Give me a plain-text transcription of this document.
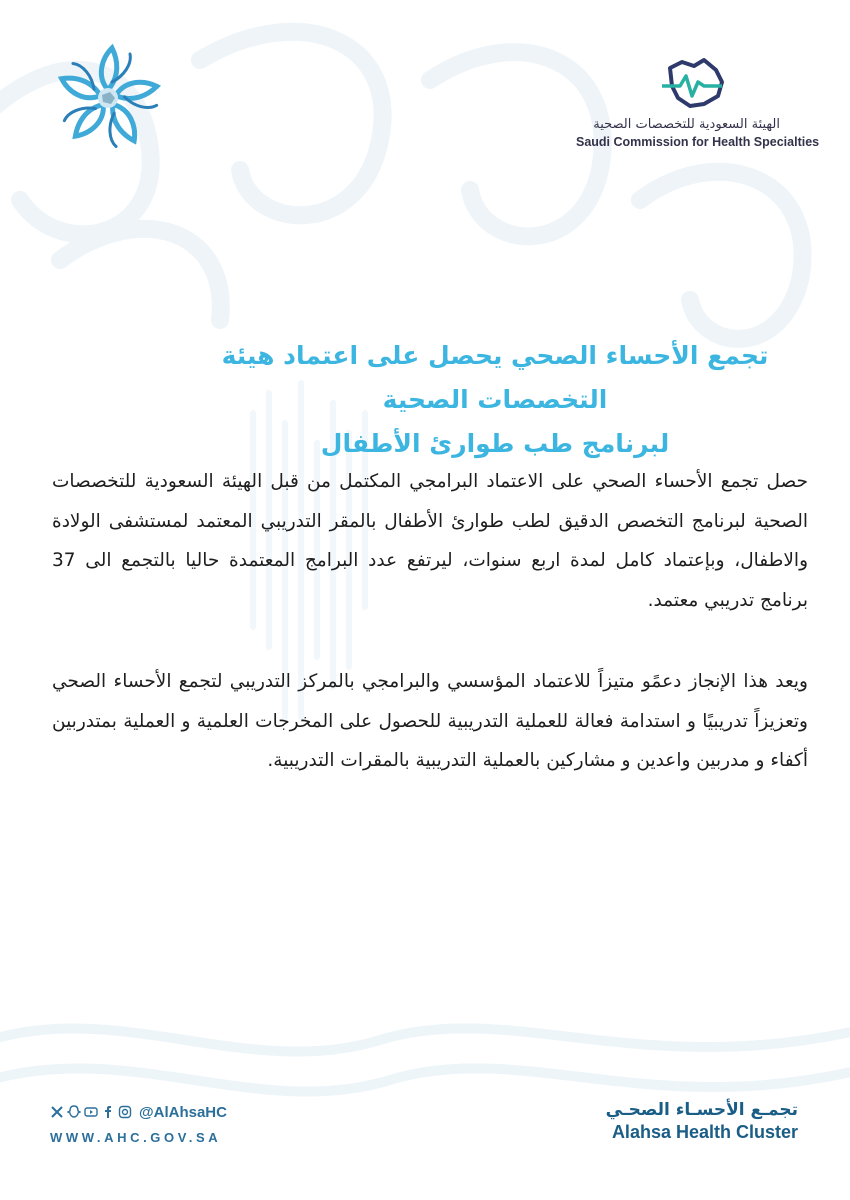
الهيئة السعودية للتخصصات الصحية
Saudi Commission for Health Specialties
تجمع الأحساء الصحي يحصل على اعتماد هيئة التخصصات الصحية
لبرنامج طب طوارئ الأطفال

حصل تجمع الأحساء الصحي على الاعتماد البرامجي المكتمل من قبل الهيئة السعودية للتخصصات الصحية لبرنامج التخصص الدقيق لطب طوارئ الأطفال بالمقر التدريبي المعتمد لمستشفى الولادة والاطفال، وبإعتماد كامل لمدة اربع سنوات، ليرتفع عدد البرامج المعتمدة حاليا بالتجمع الى 37 برنامج تدريبي معتمد.

ويعد هذا الإنجاز دعمًو متيزاً للاعتماد المؤسسي والبرامجي بالمركز التدريبي لتجمع الأحساء الصحي وتعزيزاً تدريبيًا و استدامة فعالة للعملية التدريبية للحصول على المخرجات العلمية و العملية بمتدربين أكفاء و مدربين واعدين و مشاركين بالعملية التدريبية بالمقرات التدريبية.

@AlAhsaHC
WWW.AHC.GOV.SA
تجمـع الأحسـاء الصحـي
Alahsa Health Cluster
